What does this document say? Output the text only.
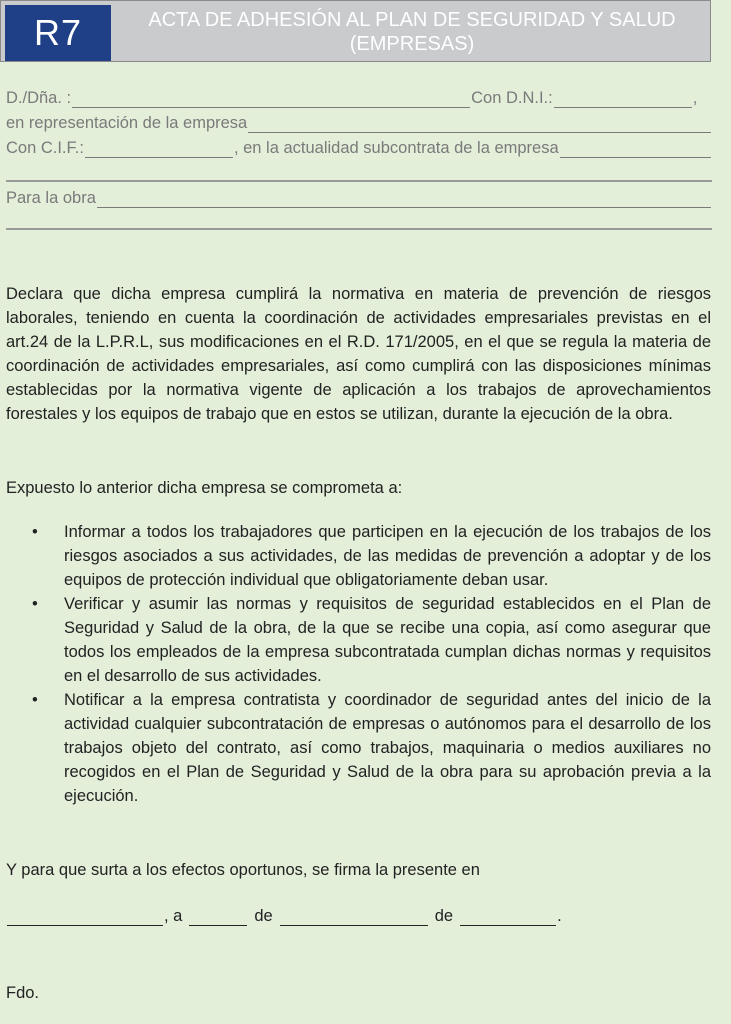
R7	ACTA DE ADHESIÓN AL PLAN DE SEGURIDAD Y SALUD
(EMPRESAS)
D./Dña. :	Con D.N.I.:	,
en representación de la empresa
Con C.I.F.:	, en la actualidad subcontrata de la empresa
Para la obra

Declara que dicha empresa cumplirá la normativa en materia de prevención de riesgos laborales, teniendo en cuenta la coordinación de actividades empresariales previstas en el art.24 de la L.P.R.L, sus modificaciones en el R.D. 171/2005, en el que se regula la materia de coordinación de actividades empresariales, así como cumplirá con las disposiciones mínimas establecidas por la normativa vigente de aplicación a los trabajos de aprovechamientos forestales y los equipos de trabajo que en estos se utilizan, durante la ejecución de la obra.

Expuesto lo anterior dicha empresa se comprometa a:

• Informar a todos los trabajadores que participen en la ejecución de los trabajos de los riesgos asociados a sus actividades, de las medidas de prevención a adoptar y de los equipos de protección individual que obligatoriamente deban usar.
• Verificar y asumir las normas y requisitos de seguridad establecidos en el Plan de Seguridad y Salud de la obra, de la que se recibe una copia, así como asegurar que todos los empleados de la empresa subcontratada cumplan dichas normas y requisitos en el desarrollo de sus actividades.
• Notificar a la empresa contratista y coordinador de seguridad antes del inicio de la actividad cualquier subcontratación de empresas o autónomos para el desarrollo de los trabajos objeto del contrato, así como trabajos, maquinaria o medios auxiliares no recogidos en el Plan de Seguridad y Salud de la obra para su aprobación previa a la ejecución.

Y para que surta a los efectos oportunos, se firma la presente en

, a	de	de	.

Fdo.
